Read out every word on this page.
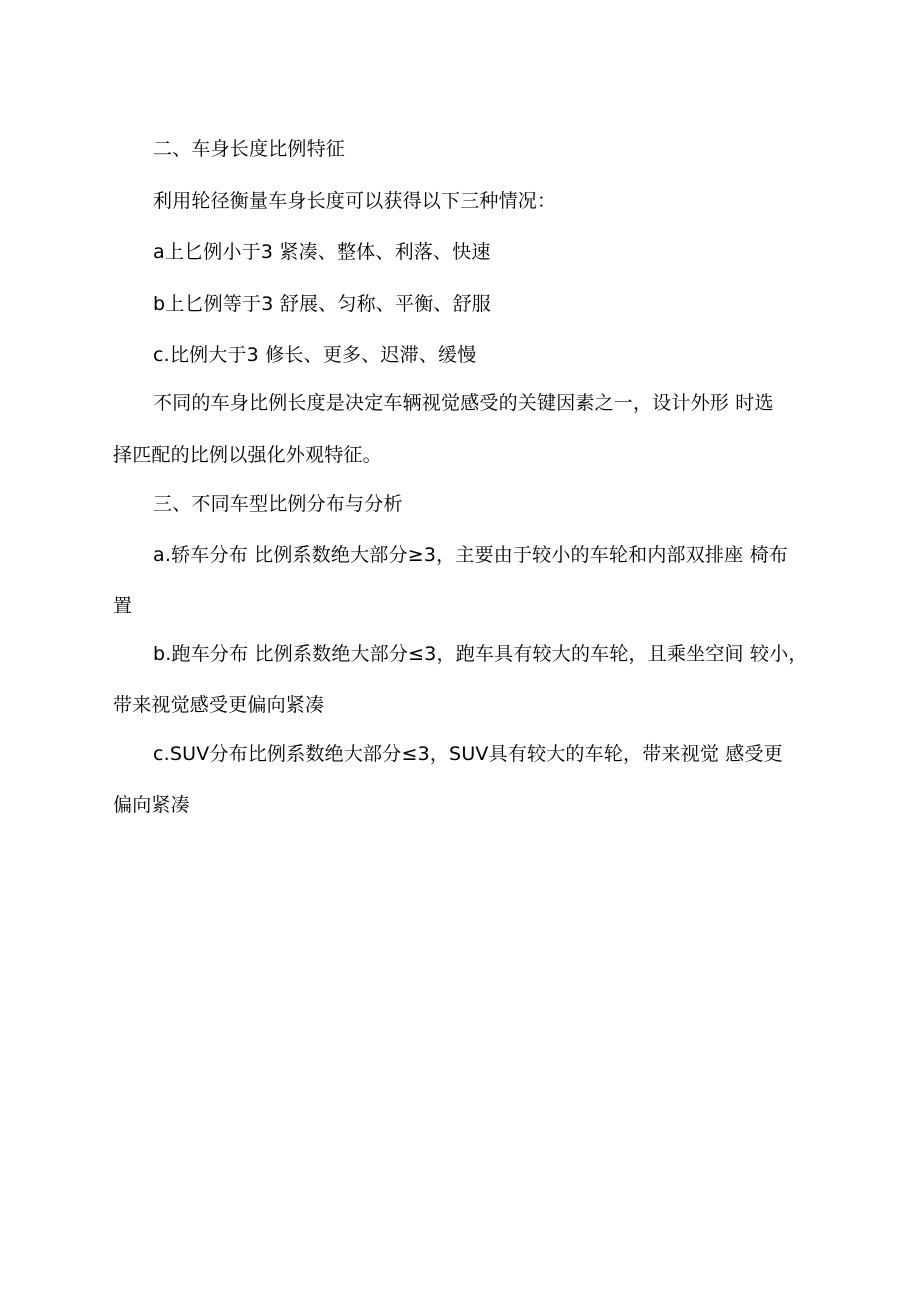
二、车身长度比例特征
利用轮径衡量车身长度可以获得以下三种情况：
a上匕例小于3 紧凑、整体、利落、快速
b上匕例等于3 舒展、匀称、平衡、舒服
c.比例大于3 修长、更多、迟滞、缓慢
不同的车身比例长度是决定车辆视觉感受的关键因素之一，设计外形 时选
择匹配的比例以强化外观特征。
三、不同车型比例分布与分析
a.轿车分布 比例系数绝大部分≥3，主要由于较小的车轮和内部双排座 椅布
置
b.跑车分布 比例系数绝大部分≤3，跑车具有较大的车轮，且乘坐空间 较小，
带来视觉感受更偏向紧凑
c.SUV分布比例系数绝大部分≤3，SUV具有较大的车轮，带来视觉 感受更
偏向紧凑
